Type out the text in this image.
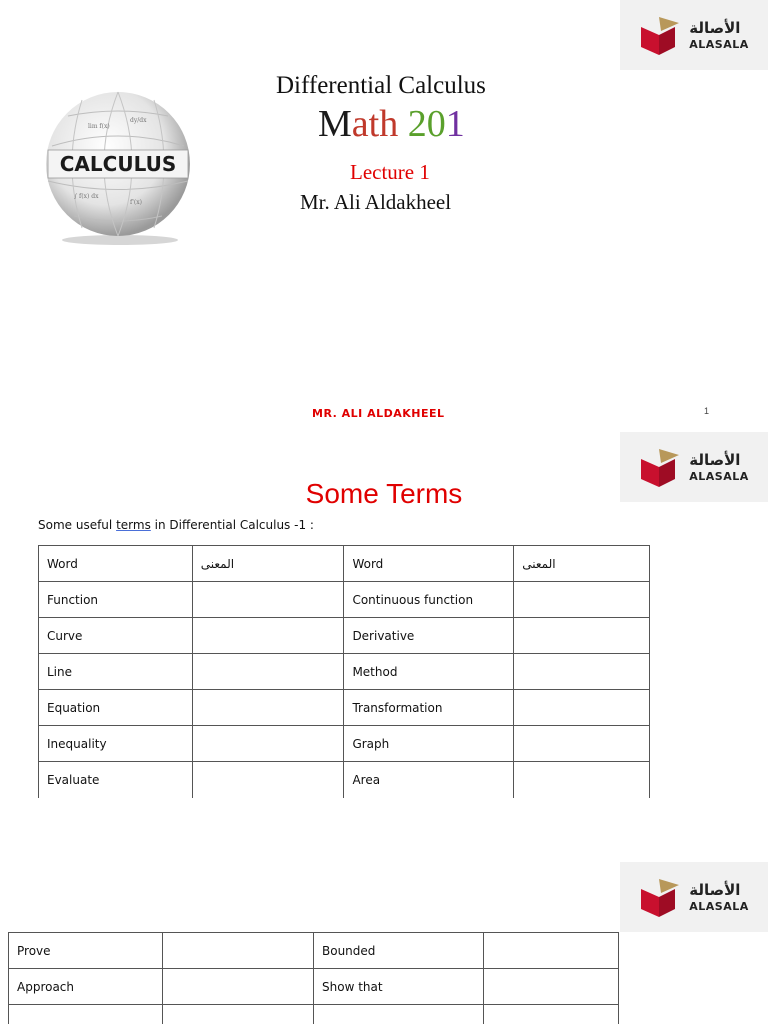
الأصالة
ALASALA
CALCULUS
lim f(x)
dy/dx
∫ f(x) dx
f'(x)
Differential Calculus
Math 201
Lecture 1
Mr. Ali Aldakheel
MR. ALI ALDAKHEEL	1
الأصالة
ALASALA
Some Terms
Some useful terms in Differential Calculus -1 :
Word	المعنى	Word	المعنى
Function		Continuous function	
Curve		Derivative	
Line		Method	
Equation		Transformation	
Inequality		Graph	
Evaluate		Area	
الأصالة
ALASALA
Prove		Bounded	
Approach		Show that	
